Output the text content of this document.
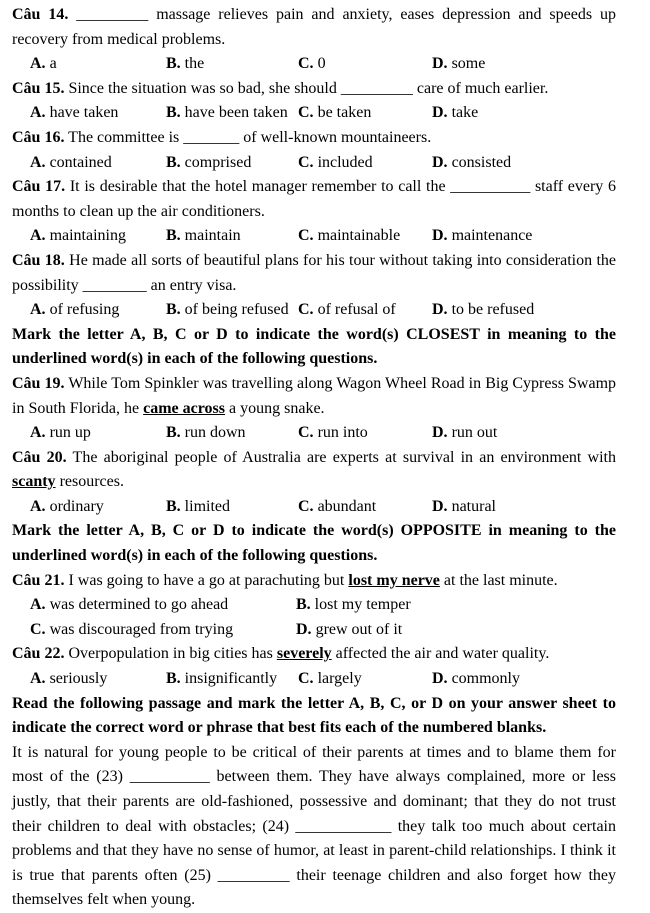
Câu 14. _________ massage relieves pain and anxiety, eases depression and speeds up recovery from medical problems.

A. a	B. the	C. 0	D. some

Câu 15. Since the situation was so bad, she should _________ care of much earlier.

A. have taken	B. have been taken C. be taken	D. take

Câu 16. The committee is _______ of well-known mountaineers.

A. contained	B. comprised	C. included	D. consisted

Câu 17. It is desirable that the hotel manager remember to call the __________ staff every 6 months to clean up the air conditioners.

A. maintaining	B. maintain	C. maintainable	D. maintenance

Câu 18. He made all sorts of beautiful plans for his tour without taking into consideration the possibility ________ an entry visa.

A. of refusing	B. of being refused C. of refusal of	D. to be refused

Mark the letter A, B, C or D to indicate the word(s) CLOSEST in meaning to the underlined word(s) in each of the following questions.

Câu 19. While Tom Spinkler was travelling along Wagon Wheel Road in Big Cypress Swamp in South Florida, he came across a young snake.

A. run up	B. run down	C. run into	D. run out

Câu 20. The aboriginal people of Australia are experts at survival in an environment with scanty resources.

A. ordinary	B. limited	C. abundant	D. natural

Mark the letter A, B, C or D to indicate the word(s) OPPOSITE in meaning to the underlined word(s) in each of the following questions.

Câu 21. I was going to have a go at parachuting but lost my nerve at the last minute.

A. was determined to go ahead	B. lost my temper
C. was discouraged from trying	D. grew out of it

Câu 22. Overpopulation in big cities has severely affected the air and water quality.

A. seriously	B. insignificantly	C. largely	D. commonly

Read the following passage and mark the letter A, B, C, or D on your answer sheet to indicate the correct word or phrase that best fits each of the numbered blanks.

It is natural for young people to be critical of their parents at times and to blame them for most of the (23) __________ between them. They have always complained, more or less justly, that their parents are old-fashioned, possessive and dominant; that they do not trust their children to deal with obstacles; (24) ____________ they talk too much about certain problems and that they have no sense of humor, at least in parent-child relationships. I think it is true that parents often (25) _________ their teenage children and also forget how they themselves felt when young.
